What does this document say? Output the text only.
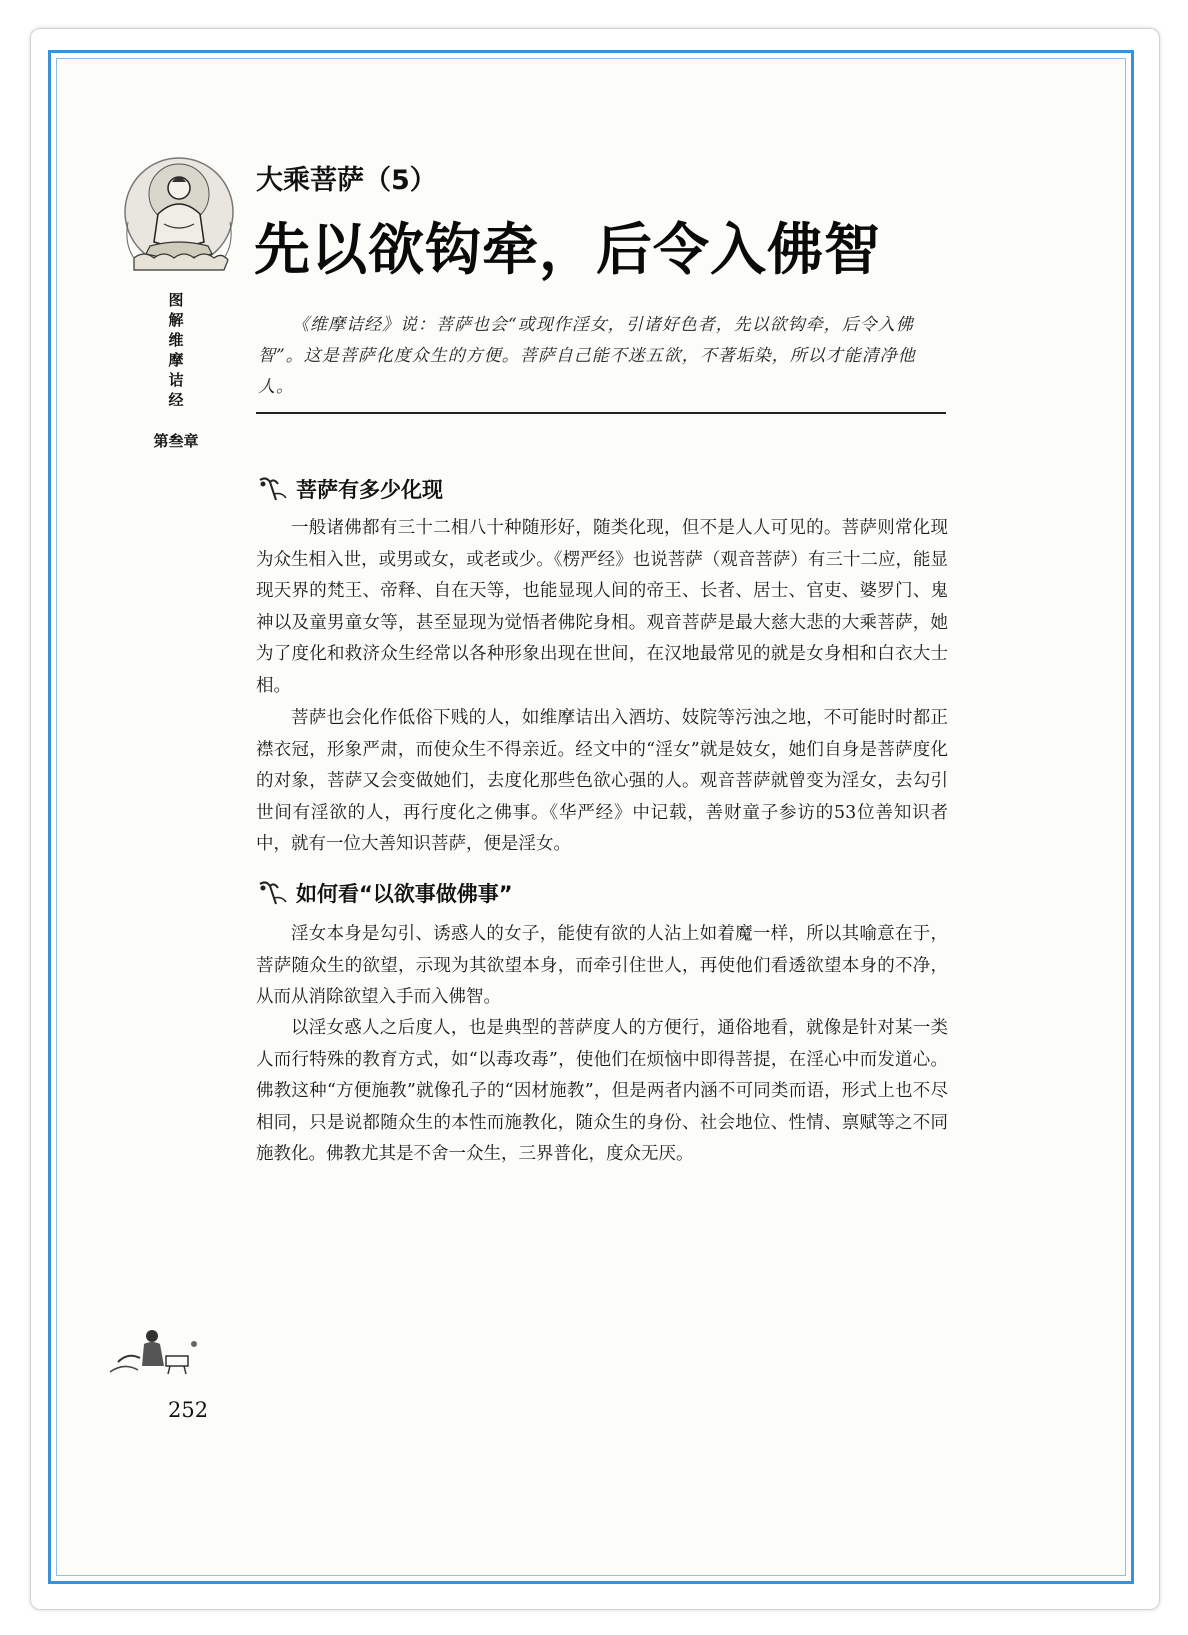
图
解
维
摩
诘
经
第叁章
大乘菩萨（5）
先以欲钩牵，后令入佛智
《维摩诘经》说：菩萨也会“或现作淫女，引诸好色者，先以欲钩牵，后令入佛智”。这是菩萨化度众生的方便。菩萨自己能不迷五欲，不著垢染，所以才能清净他人。
菩萨有多少化现
一般诸佛都有三十二相八十种随形好，随类化现，但不是人人可见的。菩萨则常化现为众生相入世，或男或女，或老或少。《楞严经》也说菩萨（观音菩萨）有三十二应，能显现天界的梵王、帝释、自在天等，也能显现人间的帝王、长者、居士、官吏、婆罗门、鬼神以及童男童女等，甚至显现为觉悟者佛陀身相。观音菩萨是最大慈大悲的大乘菩萨，她为了度化和救济众生经常以各种形象出现在世间，在汉地最常见的就是女身相和白衣大士相。
菩萨也会化作低俗下贱的人，如维摩诘出入酒坊、妓院等污浊之地，不可能时时都正襟衣冠，形象严肃，而使众生不得亲近。经文中的“淫女”就是妓女，她们自身是菩萨度化的对象，菩萨又会变做她们，去度化那些色欲心强的人。观音菩萨就曾变为淫女，去勾引世间有淫欲的人，再行度化之佛事。《华严经》中记载，善财童子参访的53位善知识者中，就有一位大善知识菩萨，便是淫女。
如何看“以欲事做佛事”
淫女本身是勾引、诱惑人的女子，能使有欲的人沾上如着魔一样，所以其喻意在于，菩萨随众生的欲望，示现为其欲望本身，而牵引住世人，再使他们看透欲望本身的不净，从而从消除欲望入手而入佛智。
以淫女惑人之后度人，也是典型的菩萨度人的方便行，通俗地看，就像是针对某一类人而行特殊的教育方式，如“以毒攻毒”，使他们在烦恼中即得菩提，在淫心中而发道心。佛教这种“方便施教”就像孔子的“因材施教”，但是两者内涵不可同类而语，形式上也不尽相同，只是说都随众生的本性而施教化，随众生的身份、社会地位、性情、禀赋等之不同施教化。佛教尤其是不舍一众生，三界普化，度众无厌。
252
